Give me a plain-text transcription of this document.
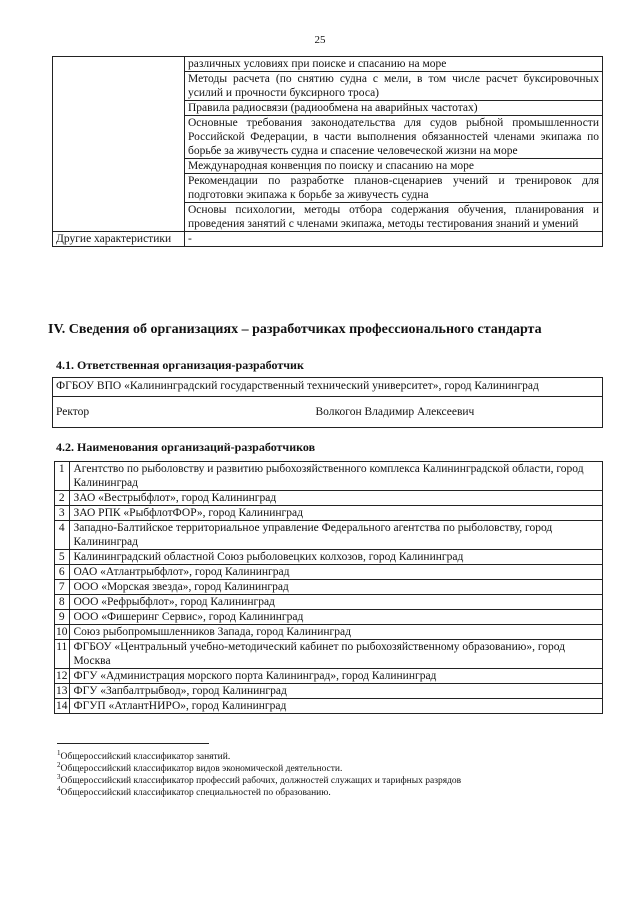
25
	различных условиях при поиске и спасанию на море
	Методы расчета (по снятию судна с мели, в том числе расчет буксировочных усилий и прочности буксирного троса)
	Правила радиосвязи (радиообмена на аварийных частотах)
	Основные требования законодательства для судов рыбной промышленности Российской Федерации, в части выполнения обязанностей членами экипажа по борьбе за живучесть судна и спасение человеческой жизни на море
	Международная конвенция по поиску и спасанию на море
	Рекомендации по разработке планов-сценариев учений и тренировок для подготовки экипажа к борьбе за живучесть судна
	Основы психологии, методы отбора содержания обучения, планирования и проведения занятий с членами экипажа, методы тестирования знаний и умений
Другие характеристики	-
IV. Сведения об организациях – разработчиках профессионального стандарта
4.1. Ответственная организация-разработчик
ФГБОУ ВПО «Калининградский государственный технический университет», город Калининград
Ректор	Волкогон Владимир Алексеевич
4.2. Наименования организаций-разработчиков
1	Агентство по рыболовству и развитию рыбохозяйственного комплекса Калининградской области, город Калининград
2	ЗАО «Вестрыбфлот», город Калининград
3	ЗАО РПК «РыбфлотФОР», город Калининград
4	Западно-Балтийское территориальное управление Федерального агентства по рыболовству, город Калининград
5	Калининградский областной Союз рыболовецких колхозов, город Калининград
6	ОАО «Атлантрыбфлот», город Калининград
7	ООО «Морская звезда», город Калининград
8	ООО «Рефрыбфлот», город Калининград
9	ООО «Фишеринг Сервис», город Калининград
10	Союз рыбопромышленников Запада, город Калининград
11	ФГБОУ «Центральный учебно-методический кабинет по рыбохозяйственному образованию», город Москва
12	ФГУ «Администрация морского порта Калининград», город Калининград
13	ФГУ «Запбалтрыбвод», город Калининград
14	ФГУП «АтлантНИРО», город Калининград
$^1$Общероссийский классификатор занятий.
$^2$Общероссийский классификатор видов экономической деятельности.
$^3$Общероссийский классификатор профессий рабочих, должностей служащих и тарифных разрядов
$^4$Общероссийский классификатор специальностей по образованию.
